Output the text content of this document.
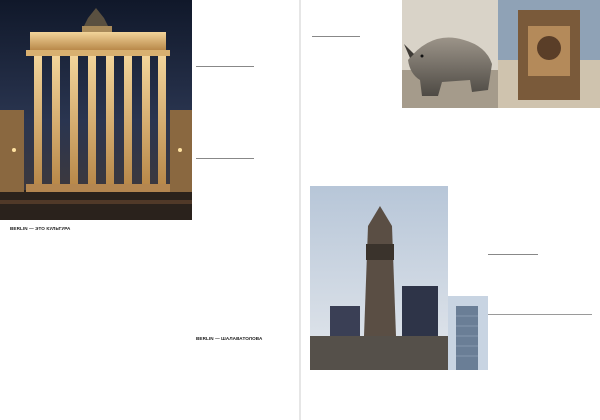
BERLIN — ЭТО КУЛЬТУРА
BERLIN — ШАЛАВАТОЛОВА
